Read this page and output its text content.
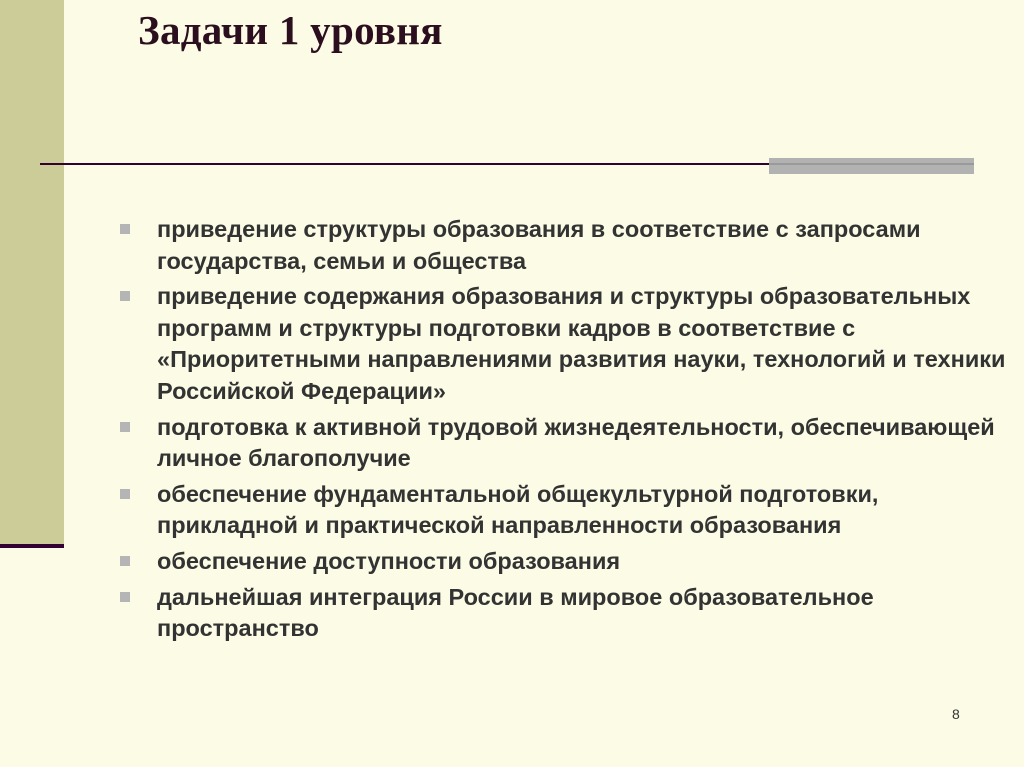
Задачи 1 уровня
приведение структуры образования в соответствие с запросами государства, семьи и общества
приведение содержания образования и структуры образовательных программ и структуры подготовки кадров в соответствие с «Приоритетными направлениями развития науки, технологий и техники Российской Федерации»
подготовка к активной трудовой жизнедеятельности, обеспечивающей личное благополучие
обеспечение фундаментальной общекультурной подготовки, прикладной и практической направленности образования
обеспечение доступности образования
дальнейшая интеграция России в мировое образовательное пространство
8
